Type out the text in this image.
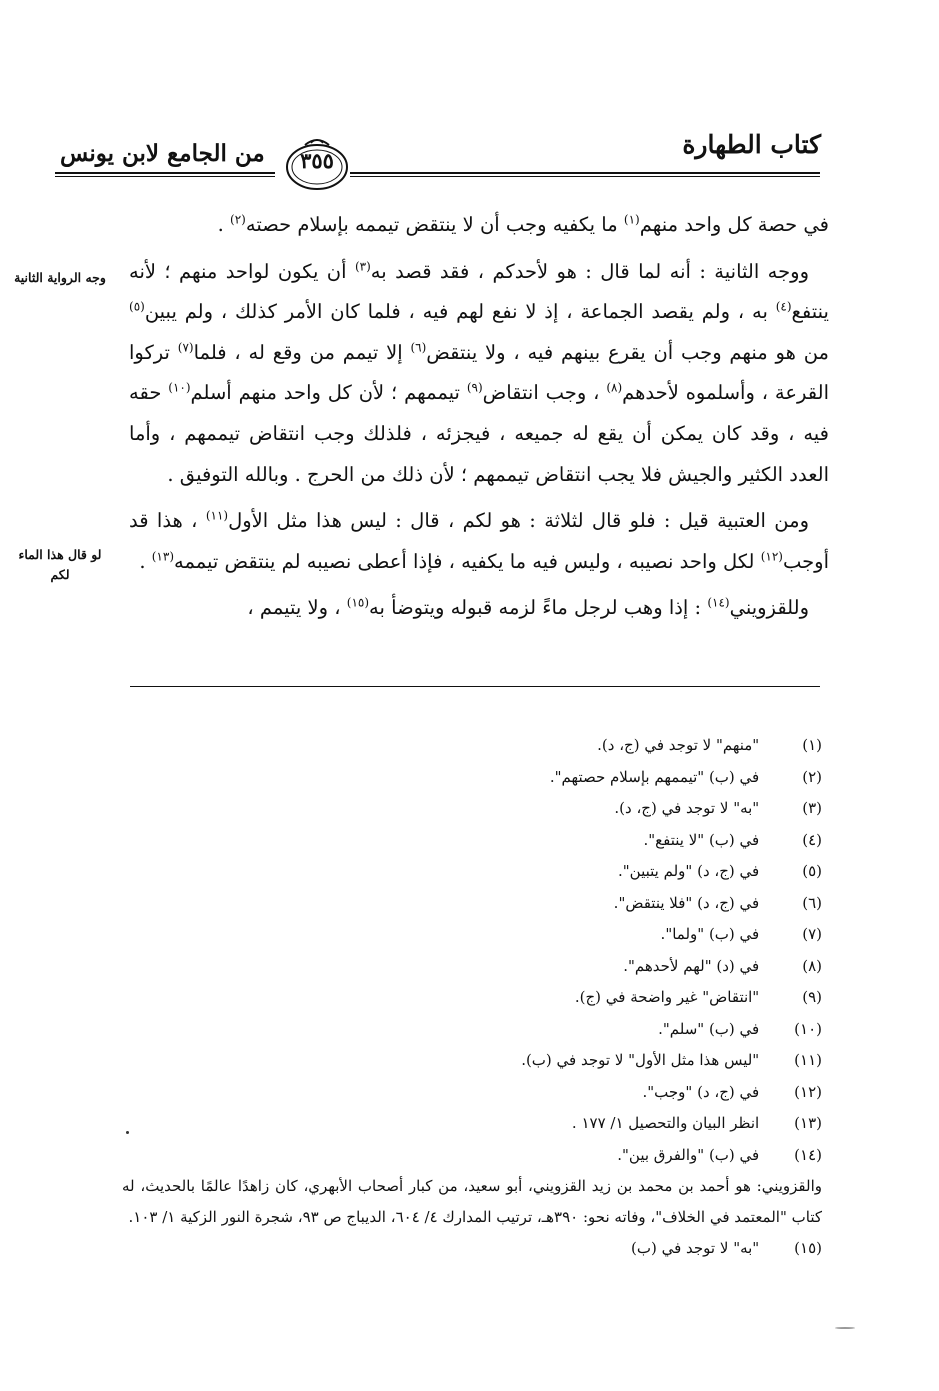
كتاب الطهارة
من الجامع لابن يونس	٣٥٥
وجه الرواية الثانية
لو قال هذا الماء لكم

في حصة كل واحد منهم$^{(١)}$ ما يكفيه وجب أن لا ينتقض تيممه بإسلام حصته$^{(٢)}$ .

ووجه الثانية : أنه لما قال : هو لأحدكم ، فقد قصد به$^{(٣)}$ أن يكون لواحد منهم ؛ لأنه ينتفع$^{(٤)}$ به ، ولم يقصد الجماعة ، إذ لا نفع لهم فيه ، فلما كان الأمر كذلك ، ولم يبين$^{(٥)}$ من هو منهم وجب أن يقرع بينهم فيه ، ولا ينتقض$^{(٦)}$ إلا تيمم من وقع له ، فلما$^{(٧)}$ تركوا القرعة ، وأسلموه لأحدهم$^{(٨)}$ ، وجب انتقاض$^{(٩)}$ تيممهم ؛ لأن كل واحد منهم أسلم$^{(١٠)}$ حقه فيه ، وقد كان يمكن أن يقع له جميعه ، فيجزئه ، فلذلك وجب انتقاض تيممهم ، وأما العدد الكثير والجيش فلا يجب انتقاض تيممهم ؛ لأن ذلك من الحرج . وبالله التوفيق .

ومن العتبية قيل : فلو قال لثلاثة : هو لكم ، قال : ليس هذا مثل الأول$^{(١١)}$ ، هذا قد أوجب$^{(١٢)}$ لكل واحد نصيبه ، وليس فيه ما يكفيه ، فإذا أعطى نصيبه لم ينتقض تيممه$^{(١٣)}$ .

وللقزويني$^{(١٤)}$ : إذا وهب لرجل ماءً لزمه قبوله ويتوضأ به$^{(١٥)}$ ، ولا يتيمم ،

(١) "منهم" لا توجد في (ج، د).

(٢) في (ب) "تيممهم بإسلام حصتهم".

(٣) "به" لا توجد في (ج، د).

(٤) في (ب) "لا ينتفع".

(٥) في (ج، د) "ولم يتبين".

(٦) في (ج، د) "فلا ينتقض".

(٧) في (ب) "ولما".

(٨) في (د) "لهم لأحدهم".

(٩) "انتقاض" غير واضحة في (ج).

(١٠) في (ب) "سلم".

(١١) "ليس هذا مثل الأول" لا توجد في (ب).

(١٢) في (ج، د) "وجب".

(١٣) انظر البيان والتحصيل ١/ ١٧٧ .

(١٤) في (ب) "والفرق بين".

والقزويني: هو أحمد بن محمد بن زيد القزويني، أبو سعيد، من كبار أصحاب الأبهري، كان زاهدًا عالمًا بالحديث، له كتاب "المعتمد في الخلاف"، وفاته نحو: ٣٩٠هـ، ترتيب المدارك ٤/ ٦٠٤، الديباج ص ٩٣، شجرة النور الزكية ١/ ١٠٣.

(١٥) "به" لا توجد في (ب)
